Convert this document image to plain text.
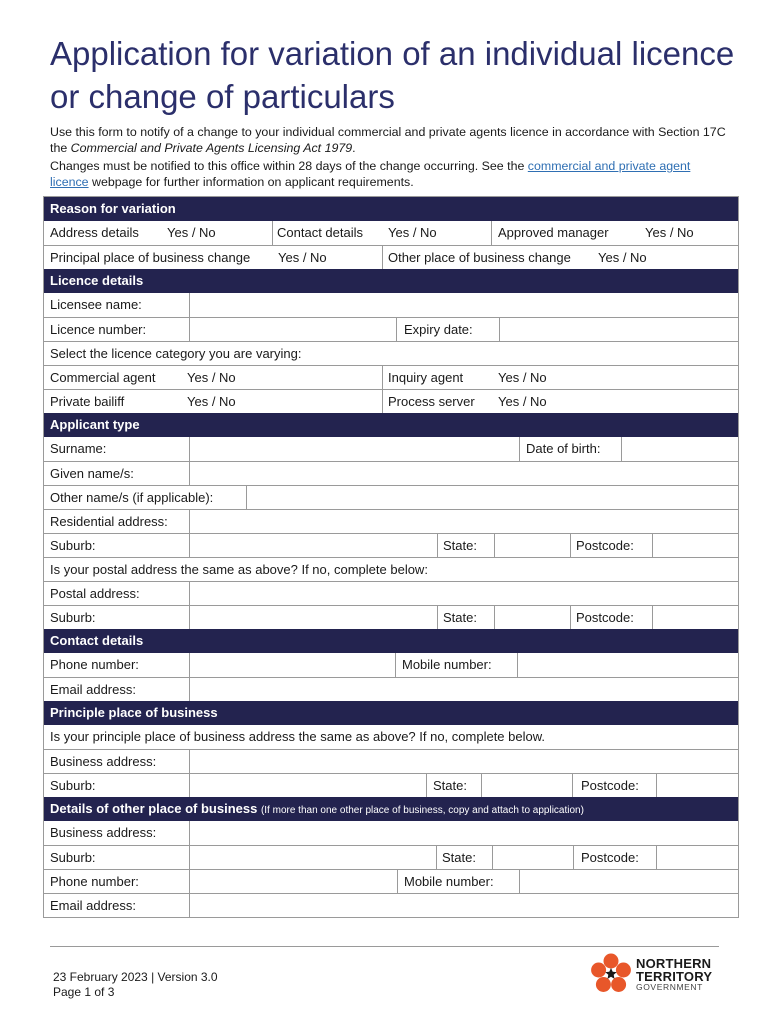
Application for variation of an individual licence or change of particulars

Use this form to notify of a change to your individual commercial and private agents licence in accordance with Section 17C the Commercial and Private Agents Licensing Act 1979.

Changes must be notified to this office within 28 days of the change occurring. See the commercial and private agent licence webpage for further information on applicant requirements.

Reason for variation
Address details Yes / No	Contact details Yes / No	Approved manager	Yes / No
Principal place of business change Yes / No	Other place of business change Yes / No
Licence details
Licensee name:
Licence number:	Expiry date:
Select the licence category you are varying:
Commercial agent Yes / No	Inquiry agent	Yes / No
Private bailiff	Yes / No	Process server Yes / No
Applicant type
Surname:	Date of birth:
Given name/s:
Other name/s (if applicable):
Residential address:
Suburb:	State:	Postcode:
Is your postal address the same as above? If no, complete below:
Postal address:
Suburb:	State:	Postcode:
Contact details
Phone number:	Mobile number:
Email address:
Principle place of business
Is your principle place of business address the same as above? If no, complete below.
Business address:
Suburb:	State:	Postcode:
Details of other place of business (If more than one other place of business, copy and attach to application)
Business address:
Suburb:	State:	Postcode:
Phone number:	Mobile number:
Email address:
23 February 2023 | Version 3.0
Page 1 of 3
NORTHERN
TERRITORY
GOVERNMENT
